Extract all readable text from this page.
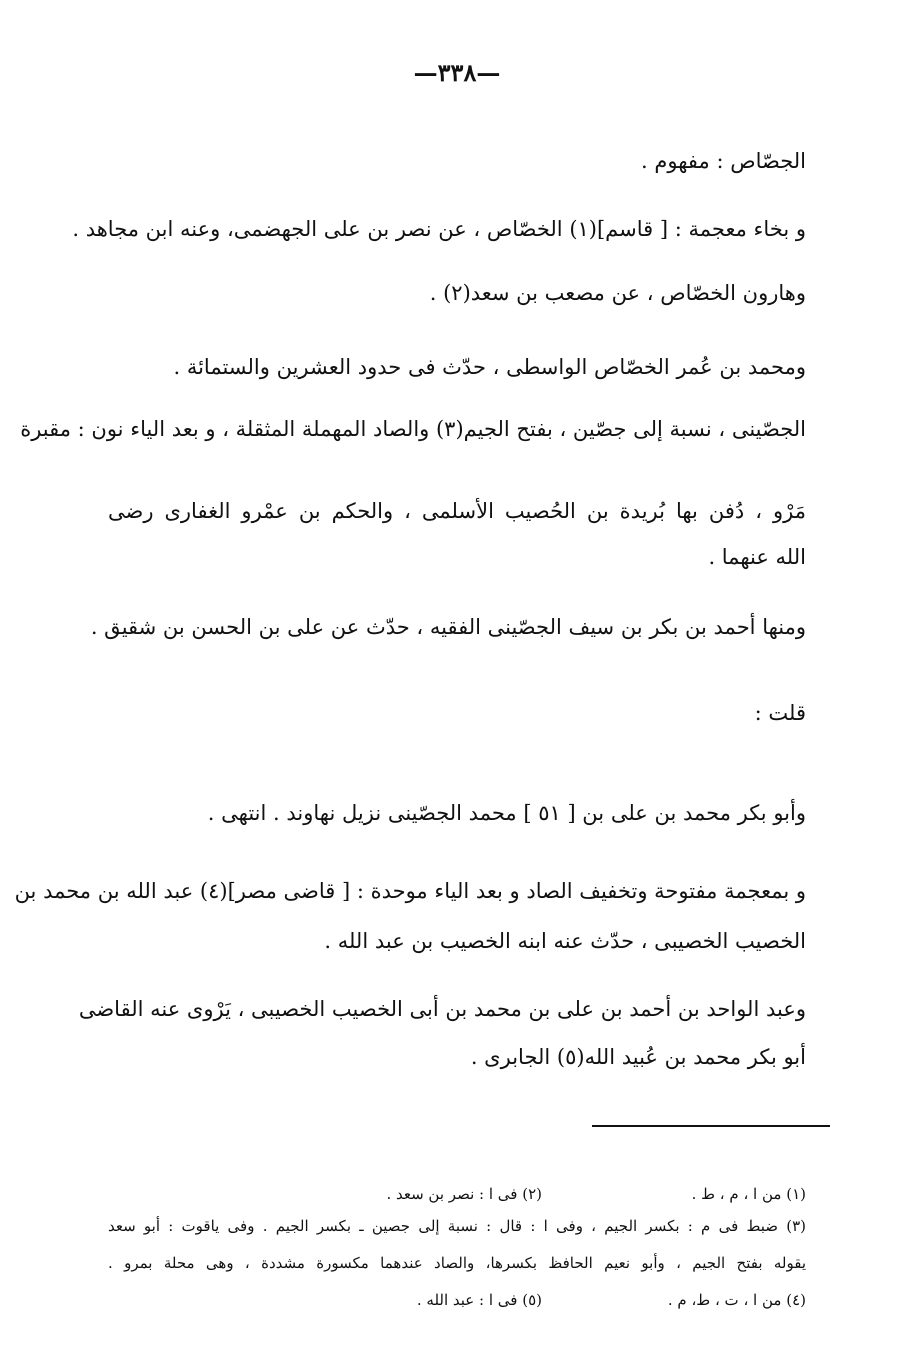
—٣٣٨—
الجصّاص : مفهوم .
و بخاء معجمة : [ قاسم](١) الخصّاص ، عن نصر بن على الجهضمى، وعنه ابن مجاهد .
وهارون الخصّاص ، عن مصعب بن سعد(٢) .
ومحمد بن عُمر الخصّاص الواسطى ، حدّث فى حدود العشرين والستمائة .
الجصّينى ، نسبة إلى جصّين ، بفتح الجيم(٣) والصاد المهملة المثقلة ، و بعد الياء نون : مقبرة
مَرْو ، دُفن بها بُريدة بن الحُصيب الأسلمى ، والحكم بن عمْرو الغفارى رضى
الله عنهما .
ومنها أحمد بن بكر بن سيف الجصّينى الفقيه ، حدّث عن على بن الحسن بن شقيق .
قلت :
وأبو بكر محمد بن على بن [ ٥١ ] محمد الجصّينى نزيل نهاوند . انتهى .
و بمعجمة مفتوحة وتخفيف الصاد و بعد الياء موحدة : [ قاضى مصر](٤) عبد الله بن محمد بن
الخصيب الخصيبى ، حدّث عنه ابنه الخصيب بن عبد الله .
وعبد الواحد بن أحمد بن على بن محمد بن أبى الخصيب الخصيبى ، يَرْوى عنه القاضى
أبو بكر محمد بن عُبيد الله(٥) الجابرى .
(١) من ا ، م ، ط .
(٢) فى ا : نصر بن سعد .
(٣) ضبط فى م : بكسر الجيم ، وفى ا : قال : نسبة إلى جصين ـ بكسر الجيم . وفى ياقوت : أبو سعد
يقوله بفتح الجيم ، وأبو نعيم الحافظ بكسرها، والصاد عندهما مكسورة مشددة ، وهى محلة بمرو .
(٤) من ا ، ت ، ط، م .
(٥) فى ا : عبد الله .
